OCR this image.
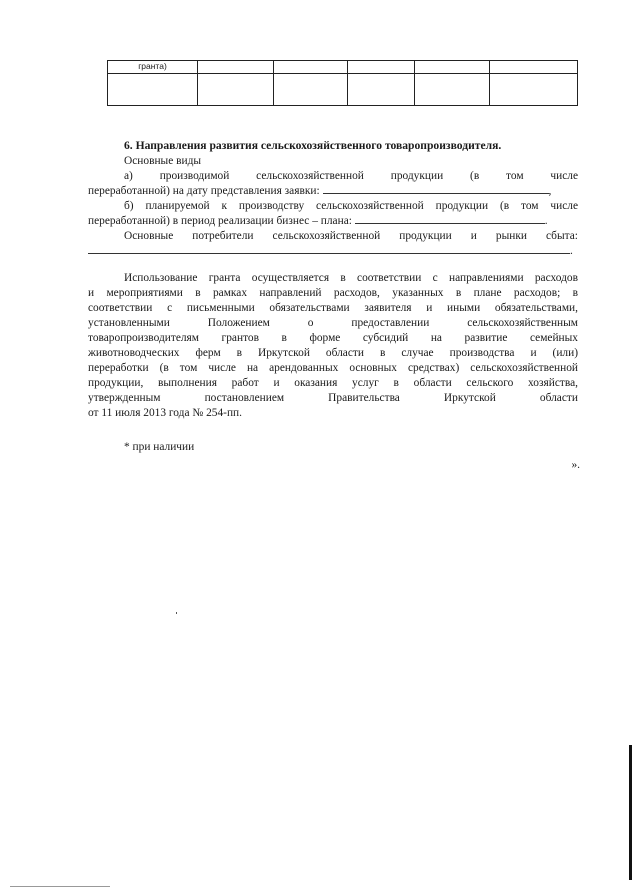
гранта)					

6. Направления развития сельскохозяйственного товаропроизводителя.
Основные виды
а) производимой сельскохозяйственной продукции (в том числе
переработанной) на дату представления заявки:	,
б) планируемой к производству сельскохозяйственной продукции (в том числе
переработанной) в период реализации бизнес – плана:	.
Основные потребители сельскохозяйственной продукции и рынки сбыта:
.
Использование гранта осуществляется в соответствии с направлениями расходов
и мероприятиями в рамках направлений расходов, указанных в плане расходов; в
соответствии с письменными обязательствами заявителя и иными обязательствами,
установленными Положением о предоставлении сельскохозяйственным
товаропроизводителям грантов в форме субсидий на развитие семейных
животноводческих ферм в Иркутской области в случае производства и (или)
переработки (в том числе на арендованных основных средствах) сельскохозяйственной
продукции, выполнения работ и оказания услуг в области сельского хозяйства,
утвержденным постановлением Правительства Иркутской области
от 11 июля 2013 года № 254-пп.
* при наличии
».
